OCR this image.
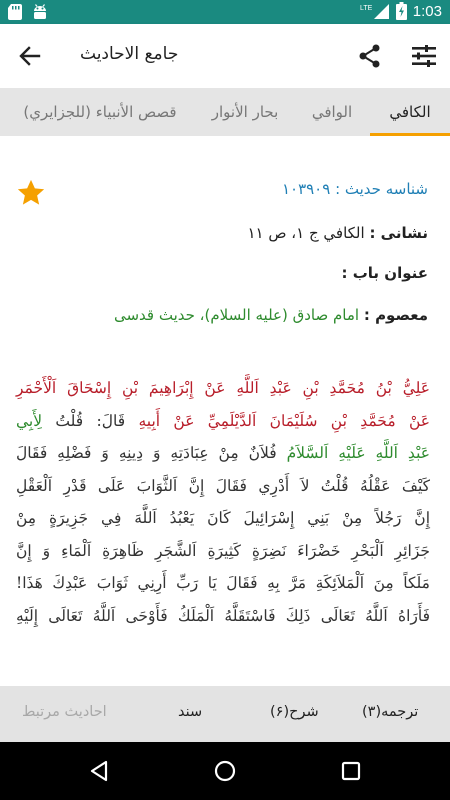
LTE	1:03
جامع الاحادیث
الکافي
الوافي
بحار الأنوار
قصص الأنبياء (للجزايري)
شناسه حدیث : ۱۰۳۹۰۹
نشانی : الکافي ج ۱، ص ۱۱
عنوان باب :
معصوم : امام صادق (علیه السلام)، حدیث قدسی
عَلِيُّ بْنُ مُحَمَّدِ بْنِ عَبْدِ اَللَّهِ عَنْ إِبْرَاهِيمَ بْنِ إِسْحَاقَ اَلْأَحْمَرِ
عَنْ مُحَمَّدِ بْنِ سُلَيْمَانَ اَلدَّيْلَمِيِّ عَنْ أَبِيهِ قَالَ: قُلْتُ لِأَبِي
عَبْدِ اَللَّهِ عَلَيْهِ اَلسَّلاَمُ فُلاَنٌ مِنْ عِبَادَتِهِ وَ دِينِهِ وَ فَضْلِهِ فَقَالَ
كَيْفَ عَقْلُهُ قُلْتُ لاَ أَدْرِي فَقَالَ إِنَّ اَلثَّوَابَ عَلَى قَدْرِ اَلْعَقْلِ
إِنَّ رَجُلاً مِنْ بَنِي إِسْرَائِيلَ كَانَ يَعْبُدُ اَللَّهَ فِي جَزِيرَةٍ مِنْ
جَزَائِرِ اَلْبَحْرِ خَضْرَاءَ نَضِرَةٍ كَثِيرَةِ اَلشَّجَرِ ظَاهِرَةِ اَلْمَاءِ وَ إِنَّ
مَلَكاً مِنَ اَلْمَلاَئِكَةِ مَرَّ بِهِ فَقَالَ يَا رَبِّ أَرِنِي ثَوَابَ عَبْدِكَ هَذَا!
فَأَرَاهُ اَللَّهُ تَعَالَى ذَلِكَ فَاسْتَقَلَّهُ اَلْمَلَكُ فَأَوْحَى اَللَّهُ تَعَالَى إِلَيْهِ
ترجمه(۳)
شرح(۶)
سند
احادیث مرتبط
